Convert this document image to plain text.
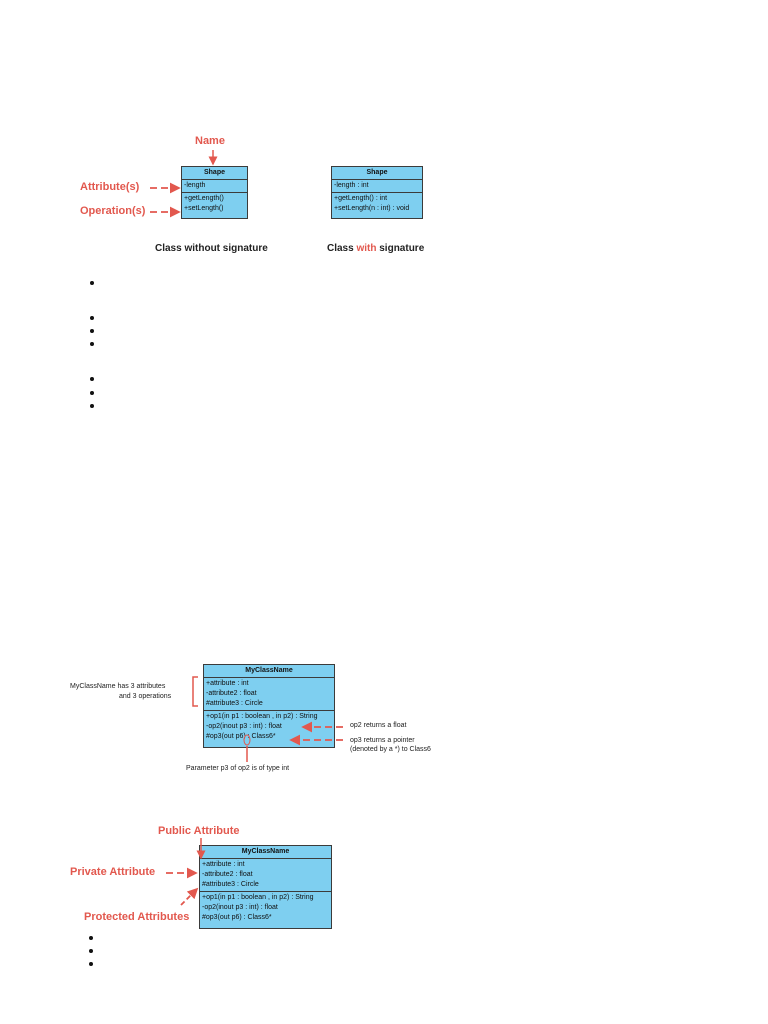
Name
Attribute(s)
Operation(s)
Shape
-length
+getLength()
+setLength()
Shape
-length : int
+getLength() : int
+setLength(n : int) : void
Class without signature	Class with signature
MyClassName
+attribute : int
-attribute2 : float
#attribute3 : Circle
+op1(in p1 : boolean , in p2) : String
-op2(inout p3 : int) : float
#op3(out p6) : Class6*
MyClassName has 3 attributes
and 3 operations
op2 returns a float
op3 returns a pointer
(denoted by a *) to Class6
Parameter p3 of op2 is of type int
Public Attribute
Private Attribute
Protected Attributes
MyClassName
+attribute : int
-attribute2 : float
#attribute3 : Circle
+op1(in p1 : boolean , in p2) : String
-op2(inout p3 : int) : float
#op3(out p6) : Class6*
